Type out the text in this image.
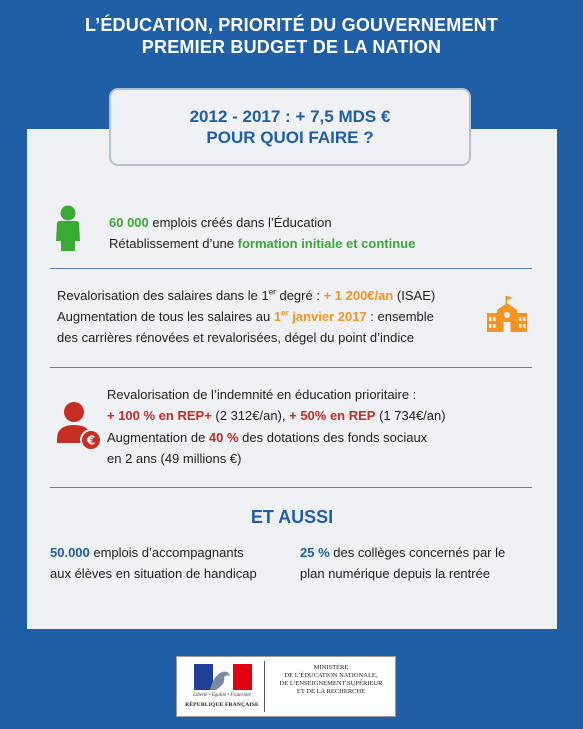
L’ÉDUCATION, PRIORITÉ DU GOUVERNEMENT
PREMIER BUDGET DE LA NATION
2012 - 2017 : + 7,5 MDS €
POUR QUOI FAIRE ?
60 000 emplois créés dans l’Éducation
Rétablissement d’une formation initiale et continue
Revalorisation des salaires dans le 1er degré : + 1 200€/an (ISAE)
Augmentation de tous les salaires au 1er janvier 2017 : ensemble
des carrières rénovées et revalorisées, dégel du point d’indice
€
Revalorisation de l’indemnité en éducation prioritaire :
+ 100 % en REP+ (2 312€/an), + 50% en REP (1 734€/an)
Augmentation de 40 % des dotations des fonds sociaux
en 2 ans (49 millions €)
ET AUSSI
50.000 emplois d’accompagnants
aux élèves en situation de handicap
25 % des collèges concernés par le
plan numérique depuis la rentrée
Liberté • Égalité • Fraternité
RÉPUBLIQUE FRANÇAISE
MINISTÈRE
DE L’ÉDUCATION NATIONALE,
DE L’ENSEIGNEMENT SUPÉRIEUR
ET DE LA RECHERCHE
